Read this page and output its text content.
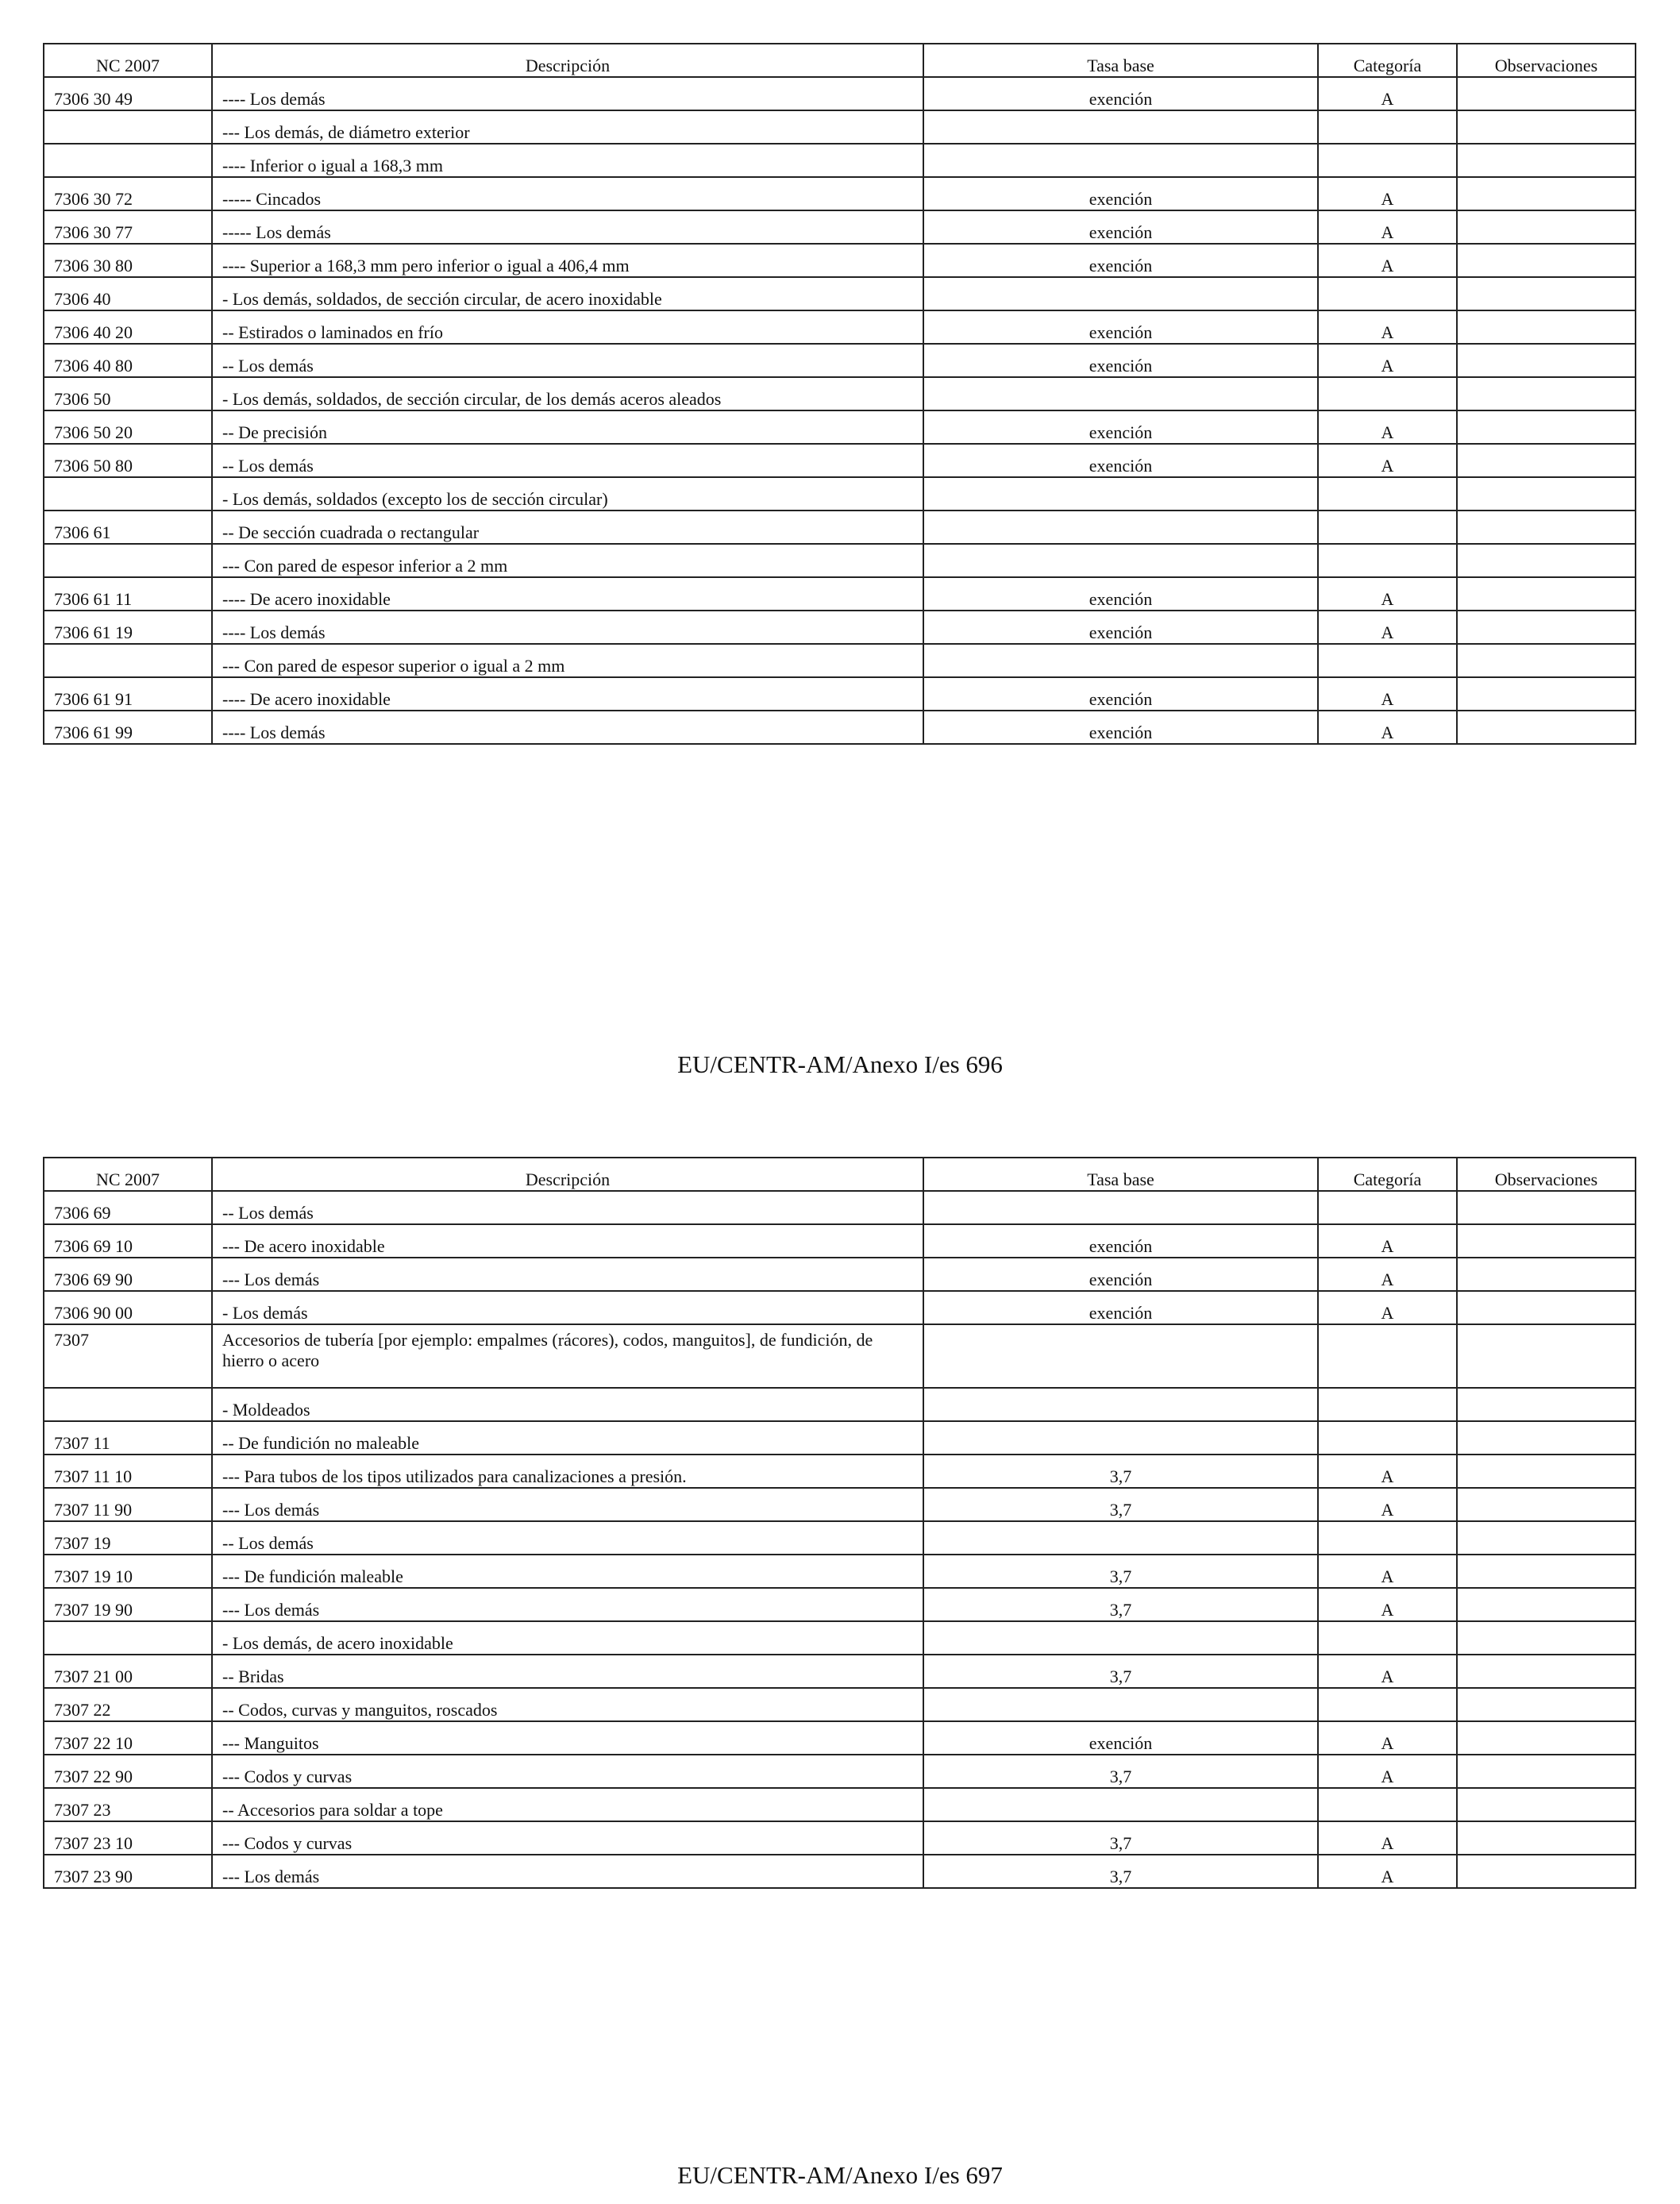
NC 2007	Descripción	Tasa base	Categoría	Observaciones
7306 30 49	---- Los demás	exención	A	
	--- Los demás, de diámetro exterior			
	---- Inferior o igual a 168,3 mm			
7306 30 72	----- Cincados	exención	A	
7306 30 77	----- Los demás	exención	A	
7306 30 80	---- Superior a 168,3 mm pero inferior o igual a 406,4 mm	exención	A	
7306 40	- Los demás, soldados, de sección circular, de acero inoxidable			
7306 40 20	-- Estirados o laminados en frío	exención	A	
7306 40 80	-- Los demás	exención	A	
7306 50	- Los demás, soldados, de sección circular, de los demás aceros aleados			
7306 50 20	-- De precisión	exención	A	
7306 50 80	-- Los demás	exención	A	
	- Los demás, soldados (excepto los de sección circular)			
7306 61	-- De sección cuadrada o rectangular			
	--- Con pared de espesor inferior a 2 mm			
7306 61 11	---- De acero inoxidable	exención	A	
7306 61 19	---- Los demás	exención	A	
	--- Con pared de espesor superior o igual a 2 mm			
7306 61 91	---- De acero inoxidable	exención	A	
7306 61 99	---- Los demás	exención	A	
EU/CENTR-AM/Anexo I/es 696
NC 2007	Descripción	Tasa base	Categoría	Observaciones
7306 69	-- Los demás			
7306 69 10	--- De acero inoxidable	exención	A	
7306 69 90	--- Los demás	exención	A	
7306 90 00	- Los demás	exención	A	
7307	Accesorios de tubería [por ejemplo: empalmes (rácores), codos, manguitos], de fundición, de hierro o acero			
	- Moldeados			
7307 11	-- De fundición no maleable			
7307 11 10	--- Para tubos de los tipos utilizados para canalizaciones a presión.	3,7	A	
7307 11 90	--- Los demás	3,7	A	
7307 19	-- Los demás			
7307 19 10	--- De fundición maleable	3,7	A	
7307 19 90	--- Los demás	3,7	A	
	- Los demás, de acero inoxidable			
7307 21 00	-- Bridas	3,7	A	
7307 22	-- Codos, curvas y manguitos, roscados			
7307 22 10	--- Manguitos	exención	A	
7307 22 90	--- Codos y curvas	3,7	A	
7307 23	-- Accesorios para soldar a tope			
7307 23 10	--- Codos y curvas	3,7	A	
7307 23 90	--- Los demás	3,7	A	
EU/CENTR-AM/Anexo I/es 697
